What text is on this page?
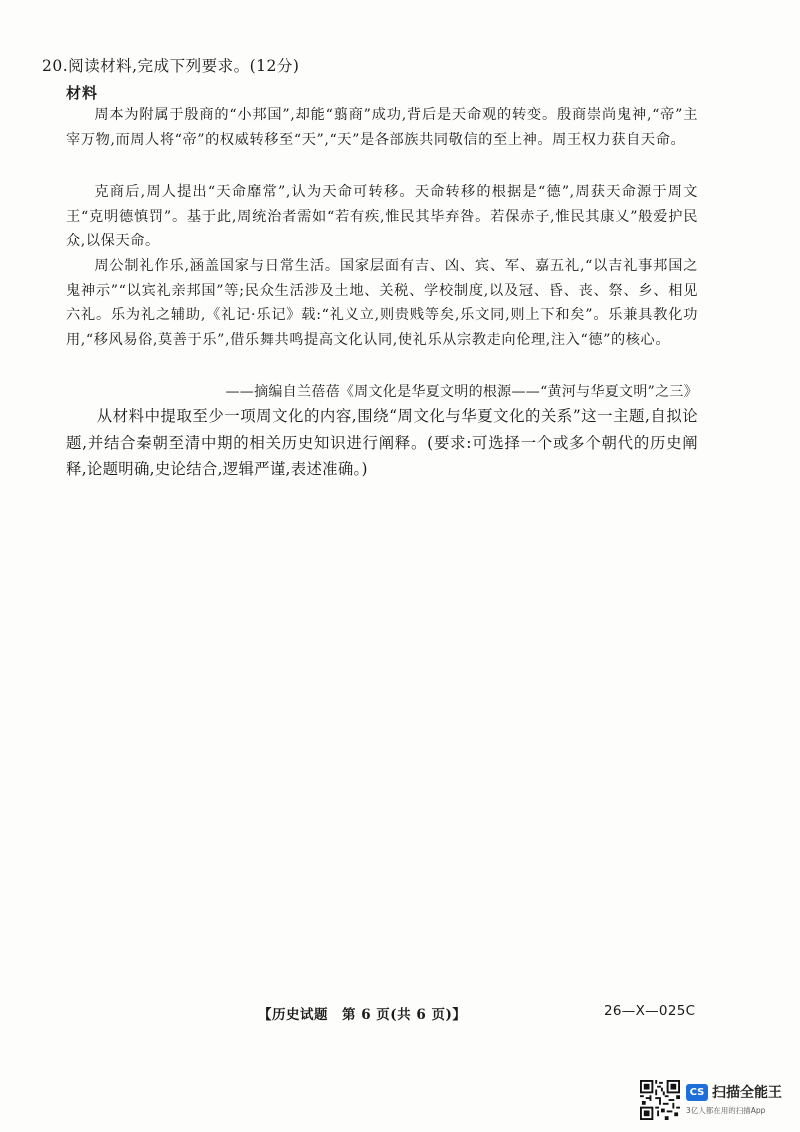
20.阅读材料,完成下列要求。(12分)
材料

周本为附属于殷商的“小邦国”,却能“翦商”成功,背后是天命观的转变。殷商崇尚鬼神,“帝”主宰万物,而周人将“帝”的权威转移至“天”,“天”是各部族共同敬信的至上神。周王权力获自天命。

克商后,周人提出“天命靡常”,认为天命可转移。天命转移的根据是“德”,周获天命源于周文王“克明德慎罚”。基于此,周统治者需如“若有疾,惟民其毕弃咎。若保赤子,惟民其康乂”般爱护民众,以保天命。

周公制礼作乐,涵盖国家与日常生活。国家层面有吉、凶、宾、军、嘉五礼,“以吉礼事邦国之鬼神示”“以宾礼亲邦国”等;民众生活涉及土地、关税、学校制度,以及冠、昏、丧、祭、乡、相见六礼。乐为礼之辅助,《礼记·乐记》载:“礼义立,则贵贱等矣,乐文同,则上下和矣”。乐兼具教化功用,“移风易俗,莫善于乐”,借乐舞共鸣提高文化认同,使礼乐从宗教走向伦理,注入“德”的核心。

——摘编自兰蓓蓓《周文化是华夏文明的根源——“黄河与华夏文明”之三》

从材料中提取至少一项周文化的内容,围绕“周文化与华夏文化的关系”这一主题,自拟论题,并结合秦朝至清中期的相关历史知识进行阐释。(要求:可选择一个或多个朝代的历史阐释,论题明确,史论结合,逻辑严谨,表述准确。)

【历史试题　第 6 页(共 6 页)】	26—X—025C
CS 扫描全能王
3亿人都在用的扫描App
